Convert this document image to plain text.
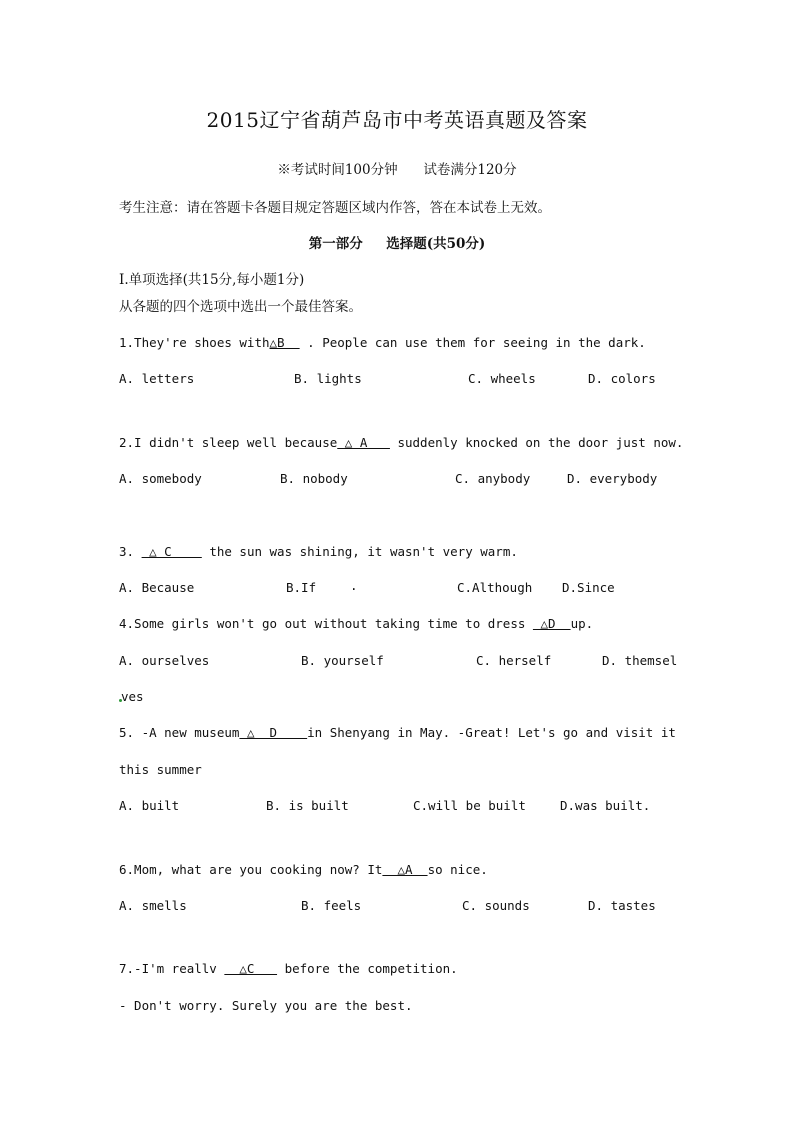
2015辽宁省葫芦岛市中考英语真题及答案
※考试时间100分钟      试卷满分120分
考生注意：请在答题卡各题目规定答题区域内作答，答在本试卷上无效。
第一部分     选择题(共50分)
I.单项选择(共15分,每小题1分)
从各题的四个选项中选出一个最佳答案。
1.They're shoes with△B   . People can use them for seeing in the dark.
A. letters	B. lights	C. wheels	D. colors
2.I didn't sleep well because △ A    suddenly knocked on the door just now.
A. somebody	B. nobody	C. anybody	D. everybody
3.  △ C     the sun was shining, it wasn't very warm.
A. Because	B.If	.	C.Although D.Since
4.Some girls won't go out without taking time to dress  △D  up.
A. ourselves	B. yourself	C. herself	D. themsel
ves
5. -A new museum △  D    in Shenyang in May. -Great! Let's go and visit it
this summer
A. built	B. is built	C.will be built	D.was built.
6.Mom, what are you cooking now? It  △A  so nice.
A. smells	B. feels	C. sounds	D. tastes
7.-I'm reallv   △C    before the competition.
- Don't worry. Surely you are the best.
